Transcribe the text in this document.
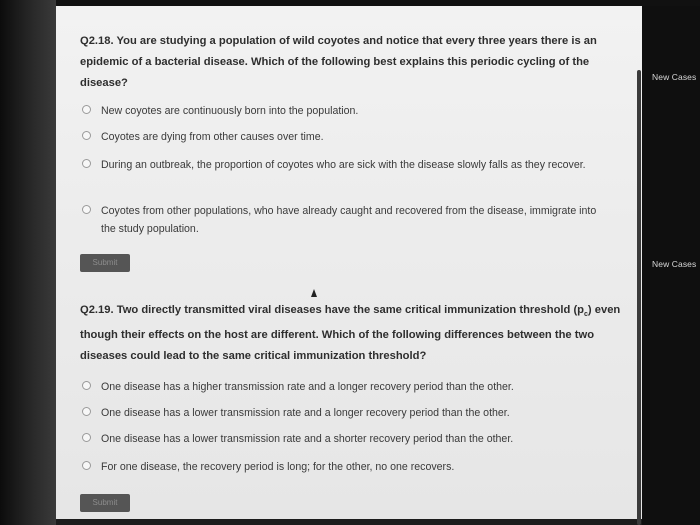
New Cases
New Cases
Q2.18. You are studying a population of wild coyotes and notice that every three years there is an epidemic of a bacterial disease. Which of the following best explains this periodic cycling of the disease?
New coyotes are continuously born into the population.
Coyotes are dying from other causes over time.
During an outbreak, the proportion of coyotes who are sick with the disease slowly falls as they recover.
Coyotes from other populations, who have already caught and recovered from the disease, immigrate into the study population.
Submit
Q2.19. Two directly transmitted viral diseases have the same critical immunization threshold $(p_c)$ even though their effects on the host are different. Which of the following differences between the two diseases could lead to the same critical immunization threshold?
One disease has a higher transmission rate and a longer recovery period than the other.
One disease has a lower transmission rate and a longer recovery period than the other.
One disease has a lower transmission rate and a shorter recovery period than the other.
For one disease, the recovery period is long; for the other, no one recovers.
Submit
